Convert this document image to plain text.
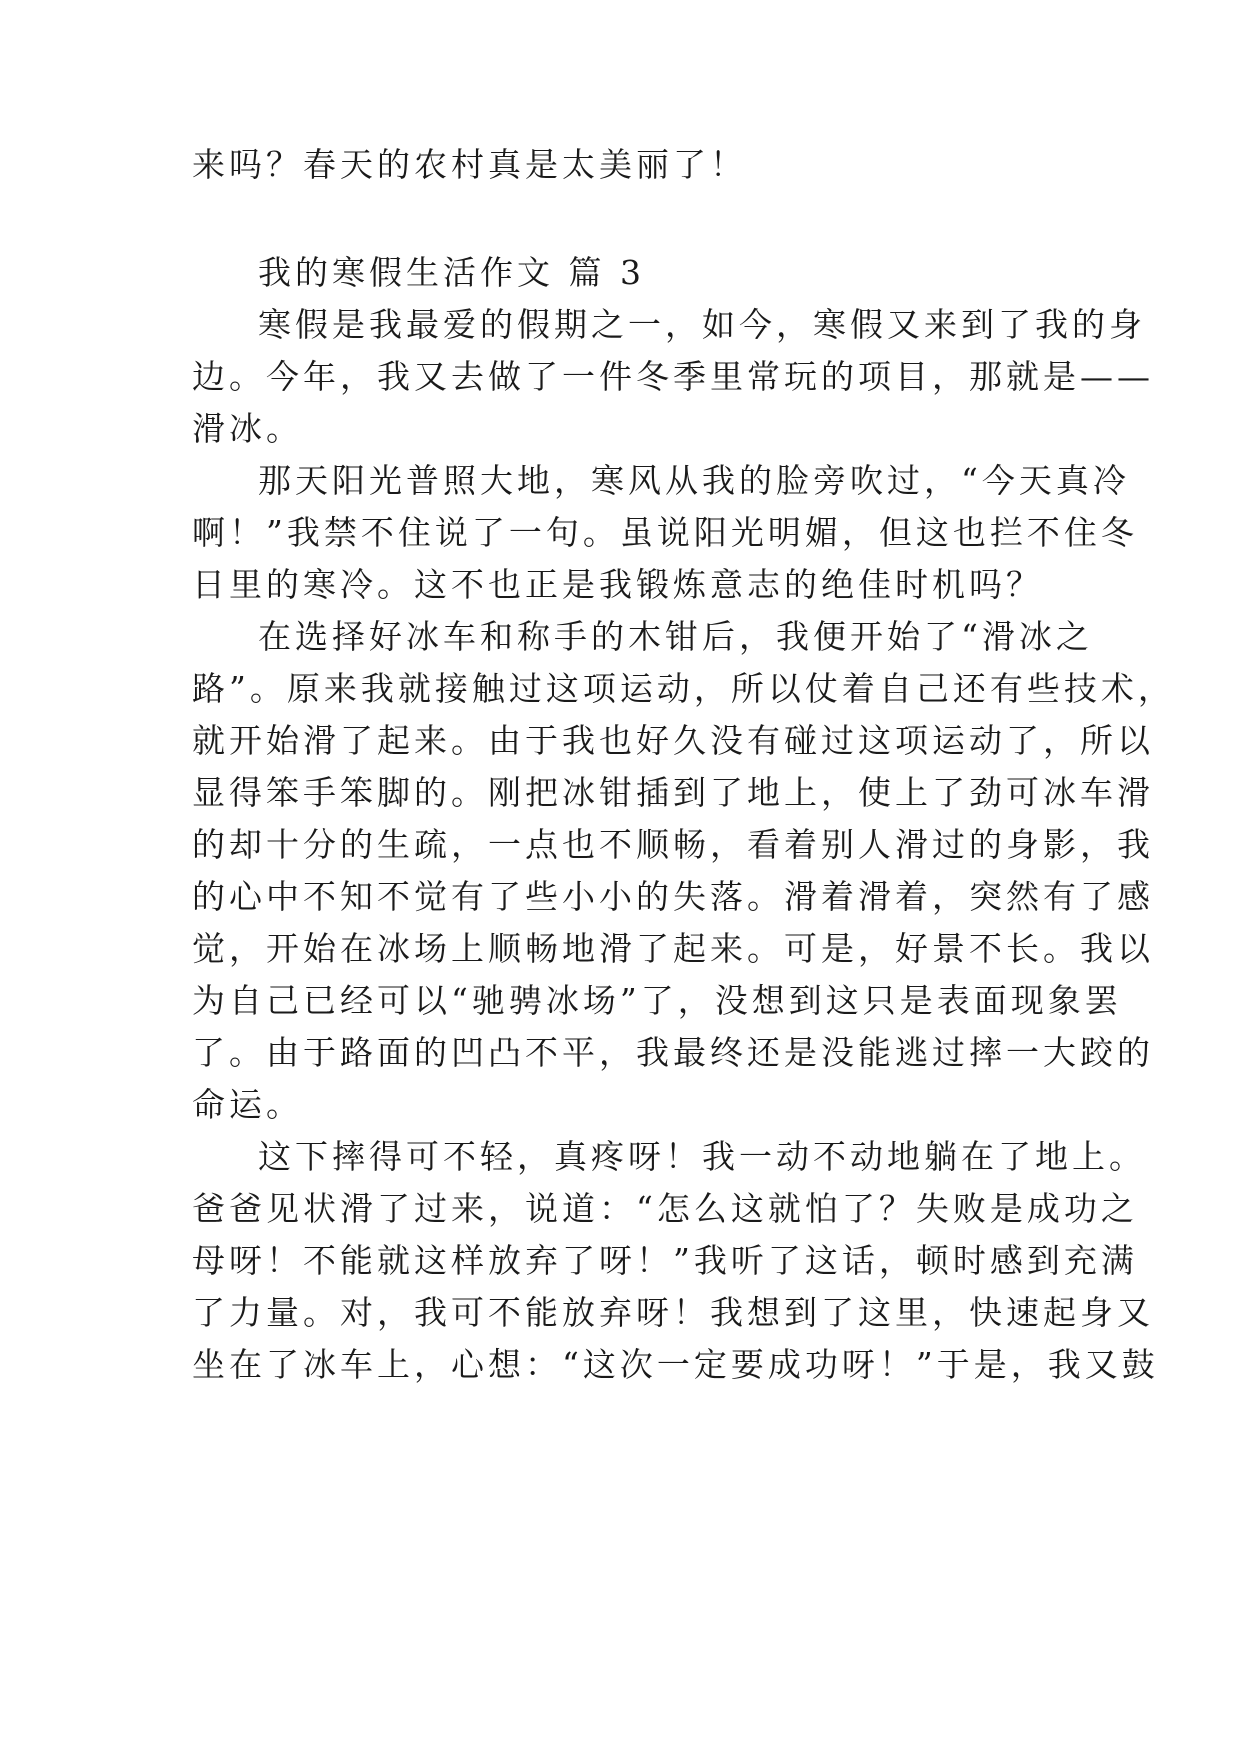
来吗？春天的农村真是太美丽了！
我的寒假生活作文 篇 3
寒假是我最爱的假期之一，如今，寒假又来到了我的身
边。今年，我又去做了一件冬季里常玩的项目，那就是——
滑冰。
那天阳光普照大地，寒风从我的脸旁吹过，“今天真冷
啊！”我禁不住说了一句。虽说阳光明媚，但这也拦不住冬
日里的寒冷。这不也正是我锻炼意志的绝佳时机吗？
在选择好冰车和称手的木钳后，我便开始了“滑冰之
路”。原来我就接触过这项运动，所以仗着自己还有些技术，
就开始滑了起来。由于我也好久没有碰过这项运动了，所以
显得笨手笨脚的。刚把冰钳插到了地上，使上了劲可冰车滑
的却十分的生疏，一点也不顺畅，看着别人滑过的身影，我
的心中不知不觉有了些小小的失落。滑着滑着，突然有了感
觉，开始在冰场上顺畅地滑了起来。可是，好景不长。我以
为自己已经可以“驰骋冰场”了，没想到这只是表面现象罢
了。由于路面的凹凸不平，我最终还是没能逃过摔一大跤的
命运。
这下摔得可不轻，真疼呀！我一动不动地躺在了地上。
爸爸见状滑了过来，说道：“怎么这就怕了？失败是成功之
母呀！不能就这样放弃了呀！”我听了这话，顿时感到充满
了力量。对，我可不能放弃呀！我想到了这里，快速起身又
坐在了冰车上，心想：“这次一定要成功呀！”于是，我又鼓
